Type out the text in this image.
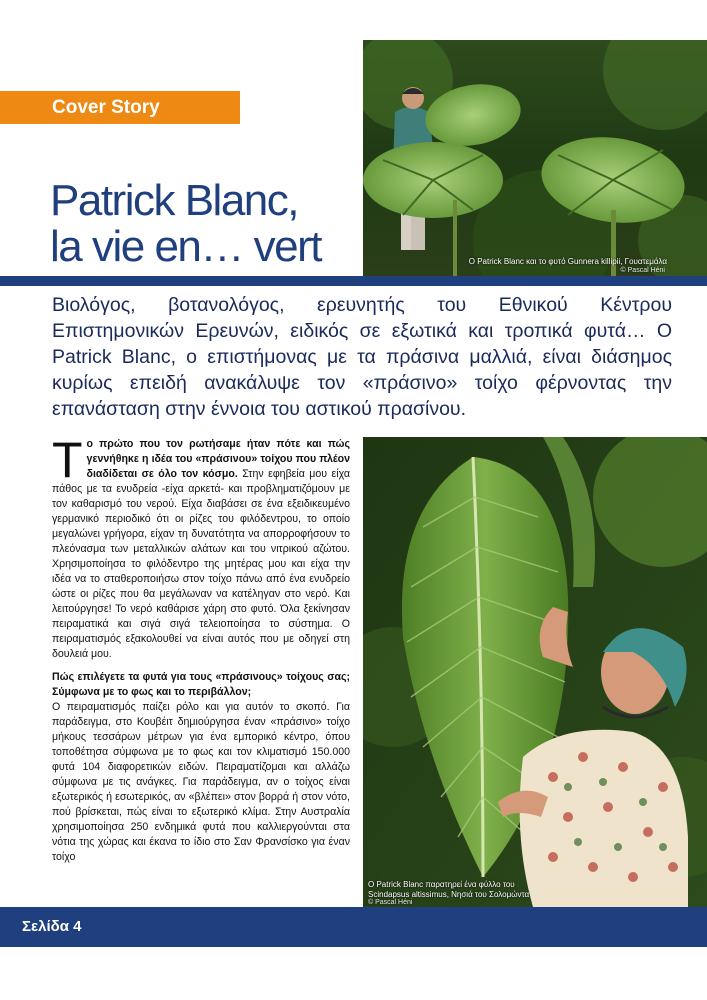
Cover Story
Patrick Blanc,
la vie en… vert	Ο Patrick Blanc και το φυτό Gunnera killipii, Γουατεμάλα
© Pascal Héni

Βιολόγος, βοτανολόγος, ερευνητής του Εθνικού Κέντρου Επιστημονικών Ερευνών, ειδικός σε εξωτικά και τροπικά φυτά… Ο Patrick Blanc, ο επιστήμονας με τα πράσινα μαλλιά, είναι διάσημος κυρίως επειδή ανακάλυψε τον «πράσινο» τοίχο φέρνοντας την επανάσταση στην έννοια του αστικού πρασίνου.

Τ ο πρώτο που τον ρωτήσαμε ήταν πότε και πώς γεννήθηκε η ιδέα του «πράσινου» τοίχου που πλέον διαδίδεται σε όλο τον κόσμο. Στην εφηβεία μου είχα πάθος με τα ενυδρεία -είχα αρκετά- και προβληματιζόμουν με τον καθαρισμό του νερού. Είχα διαβάσει σε ένα εξειδικευμένο γερμανικό περιοδικό ότι οι ρίζες του φιλόδεντρου, το οποίο μεγαλώνει γρήγορα, είχαν τη δυνατότητα να απορροφήσουν το πλεόνασμα των μεταλλικών αλάτων και του νιτρικού αζώτου. Χρησιμοποίησα το φιλόδεντρο της μητέρας μου και είχα την ιδέα να το σταθεροποιήσω στον τοίχο πάνω από ένα ενυδρείο ώστε οι ρίζες που θα μεγάλωναν να κατέληγαν στο νερό. Και λειτούργησε! Το νερό καθάρισε χάρη στο φυτό. Όλα ξεκίνησαν πειραματικά και σιγά σιγά τελειοποίησα το σύστημα. Ο πειραματισμός εξακολουθεί να είναι αυτός που με οδηγεί στη δουλειά μου.

Πώς επιλέγετε τα φυτά για τους «πράσινους» τοίχους σας; Σύμφωνα με το φως και το περιβάλλον;

Ο πειραματισμός παίζει ρόλο και για αυτόν το σκοπό. Για παράδειγμα, στο Κουβέιτ δημιούργησα έναν «πράσινο» τοίχο μήκους τεσσάρων μέτρων για ένα εμπορικό κέντρο, όπου τοποθέτησα σύμφωνα με το φως και τον κλιματισμό 150.000 φυτά 104 διαφορετικών ειδών. Πειραματίζομαι και αλλάζω σύμφωνα με τις ανάγκες. Για παράδειγμα, αν ο τοίχος είναι εξωτερικός ή εσωτερικός, αν «βλέπει» στον βορρά ή στον νότο, πού βρίσκεται, πώς είναι το εξωτερικό κλίμα. Στην Αυστραλία χρησιμοποίησα 250 ενδημικά φυτά που καλλιεργούνται στα νότια της χώρας και έκανα το ίδιο στο Σαν Φρανσίσκο για έναν τοίχο

Ο Patrick Blanc παρατηρεί ένα φύλλο του
Scindapsus altissimus, Νησιά του Σολομώντα
© Pascal Héni
Σελίδα 4
